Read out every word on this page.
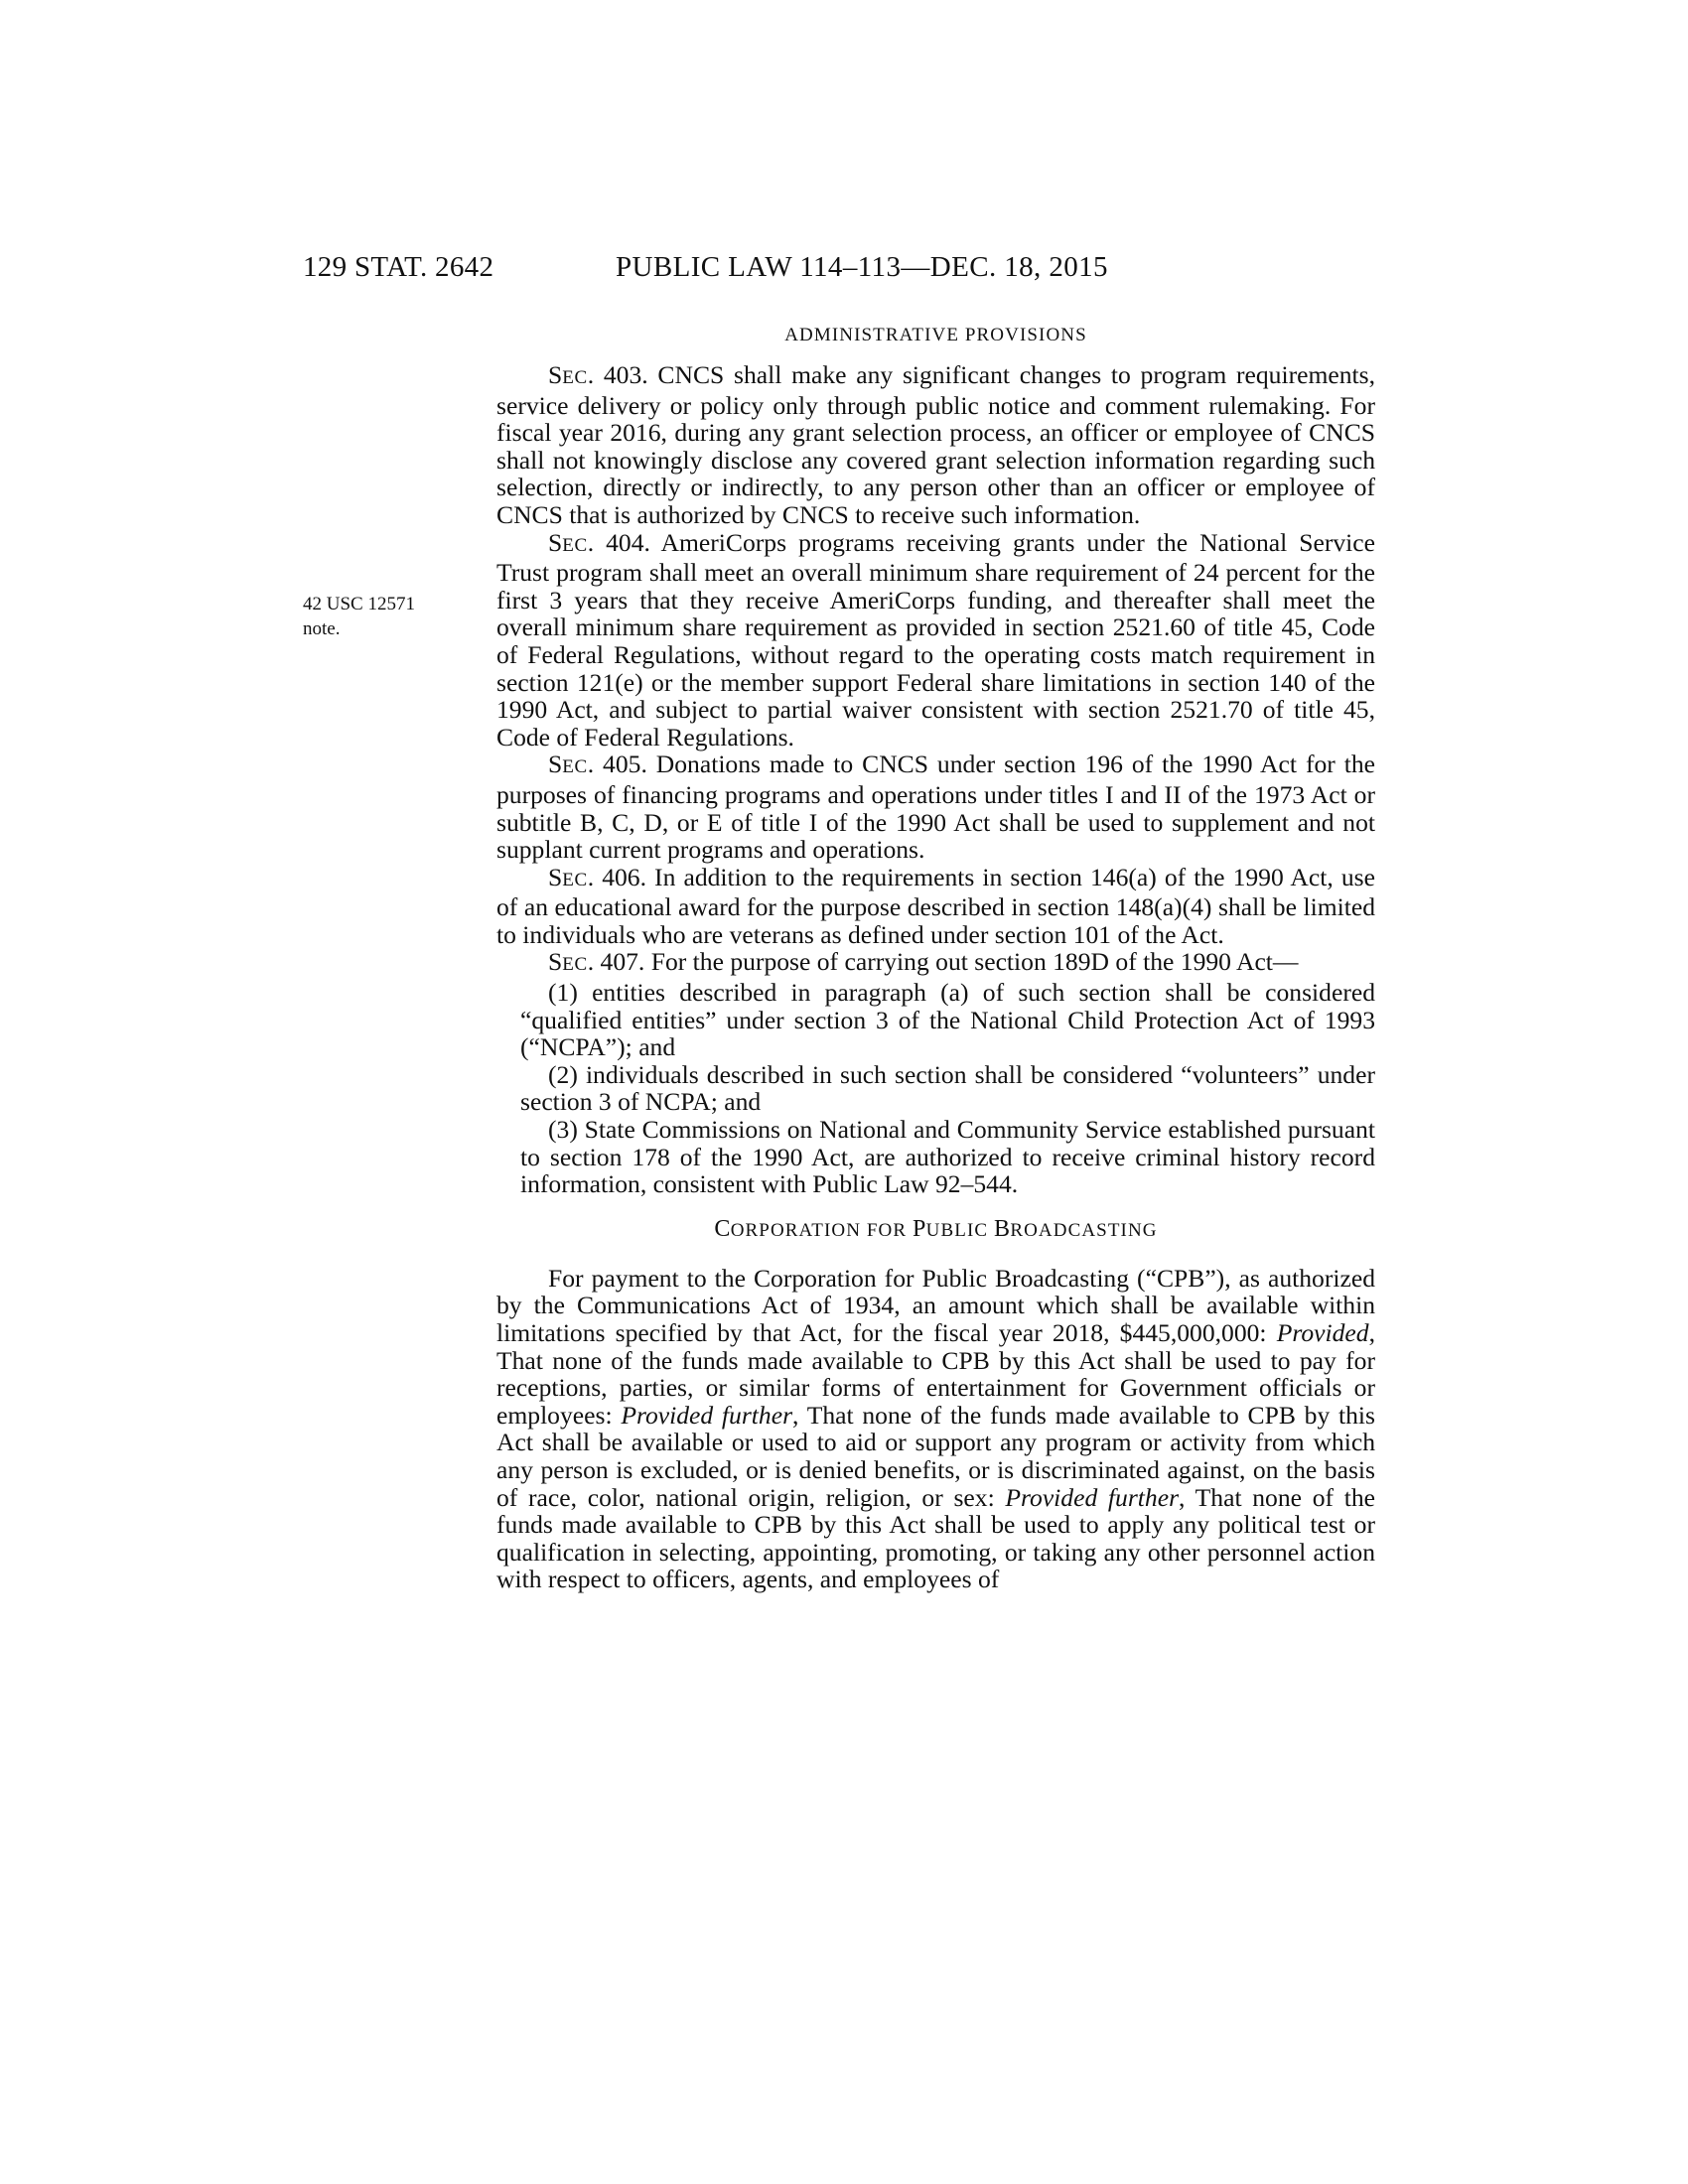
129 STAT. 2642	PUBLIC LAW 114–113—DEC. 18, 2015
42 USC 12571
note.
ADMINISTRATIVE PROVISIONS

SEC. 403. CNCS shall make any significant changes to program requirements, service delivery or policy only through public notice and comment rulemaking. For fiscal year 2016, during any grant selection process, an officer or employee of CNCS shall not knowingly disclose any covered grant selection information regarding such selection, directly or indirectly, to any person other than an officer or employee of CNCS that is authorized by CNCS to receive such information.

SEC. 404. AmeriCorps programs receiving grants under the National Service Trust program shall meet an overall minimum share requirement of 24 percent for the first 3 years that they receive AmeriCorps funding, and thereafter shall meet the overall minimum share requirement as provided in section 2521.60 of title 45, Code of Federal Regulations, without regard to the operating costs match requirement in section 121(e) or the member support Federal share limitations in section 140 of the 1990 Act, and subject to partial waiver consistent with section 2521.70 of title 45, Code of Federal Regulations.

SEC. 405. Donations made to CNCS under section 196 of the 1990 Act for the purposes of financing programs and operations under titles I and II of the 1973 Act or subtitle B, C, D, or E of title I of the 1990 Act shall be used to supplement and not supplant current programs and operations.

SEC. 406. In addition to the requirements in section 146(a) of the 1990 Act, use of an educational award for the purpose described in section 148(a)(4) shall be limited to individuals who are veterans as defined under section 101 of the Act.

SEC. 407. For the purpose of carrying out section 189D of the 1990 Act—

(1) entities described in paragraph (a) of such section shall be considered “qualified entities” under section 3 of the National Child Protection Act of 1993 (“NCPA”); and

(2) individuals described in such section shall be considered “volunteers” under section 3 of NCPA; and

(3) State Commissions on National and Community Service established pursuant to section 178 of the 1990 Act, are authorized to receive criminal history record information, consistent with Public Law 92–544.

CORPORATION FOR PUBLIC BROADCASTING

For payment to the Corporation for Public Broadcasting (“CPB”), as authorized by the Communications Act of 1934, an amount which shall be available within limitations specified by that Act, for the fiscal year 2018, $445,000,000: Provided, That none of the funds made available to CPB by this Act shall be used to pay for receptions, parties, or similar forms of entertainment for Government officials or employees: Provided further, That none of the funds made available to CPB by this Act shall be available or used to aid or support any program or activity from which any person is excluded, or is denied benefits, or is discriminated against, on the basis of race, color, national origin, religion, or sex: Provided further, That none of the funds made available to CPB by this Act shall be used to apply any political test or qualification in selecting, appointing, promoting, or taking any other personnel action with respect to officers, agents, and employees of
